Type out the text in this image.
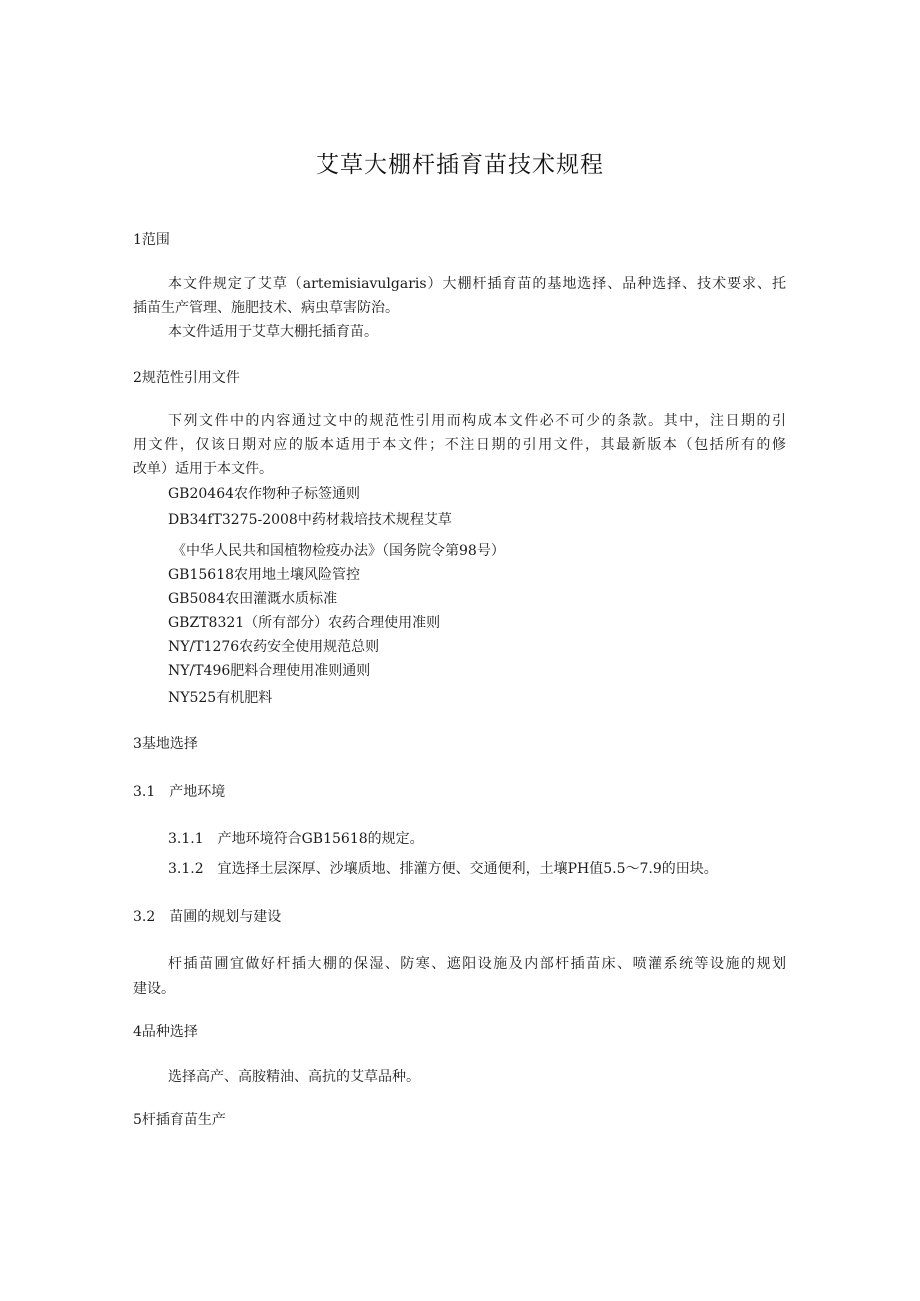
艾草大棚杆插育苗技术规程
1范围
本文件规定了艾草（artemisiavulgaris）大棚杆插育苗的基地选择、品种选择、技术要求、托
插苗生产管理、施肥技术、病虫草害防治。
本文件适用于艾草大棚托插育苗。
2规范性引用文件
下列文件中的内容通过文中的规范性引用而构成本文件必不可少的条款。其中，注日期的引
用文件，仅该日期对应的版本适用于本文件；不注日期的引用文件，其最新版本（包括所有的修
改单）适用于本文件。
GB20464农作物种子标签通则
DB34fT3275-2008中药材栽培技术规程艾草
《中华人民共和国植物检疫办法》（国务院令第98号）
GB15618农用地土壤风险管控
GB5084农田灌溉水质标准
GBZT8321（所有部分）农药合理使用准则
NY/T1276农药安全使用规范总则
NY/T496肥料合理使用准则通则
NY525有机肥料
3基地选择
3.1　产地环境
3.1.1　产地环境符合GB15618的规定。
3.1.2　宜选择土层深厚、沙壤质地、排灌方便、交通便利，土壤PH值5.5～7.9的田块。
3.2　苗圃的规划与建设
杆插苗圃宜做好杆插大棚的保湿、防寒、遮阳设施及内部杆插苗床、喷灌系统等设施的规划
建设。
4品种选择
选择高产、高胺精油、高抗的艾草品种。
5杆插育苗生产
